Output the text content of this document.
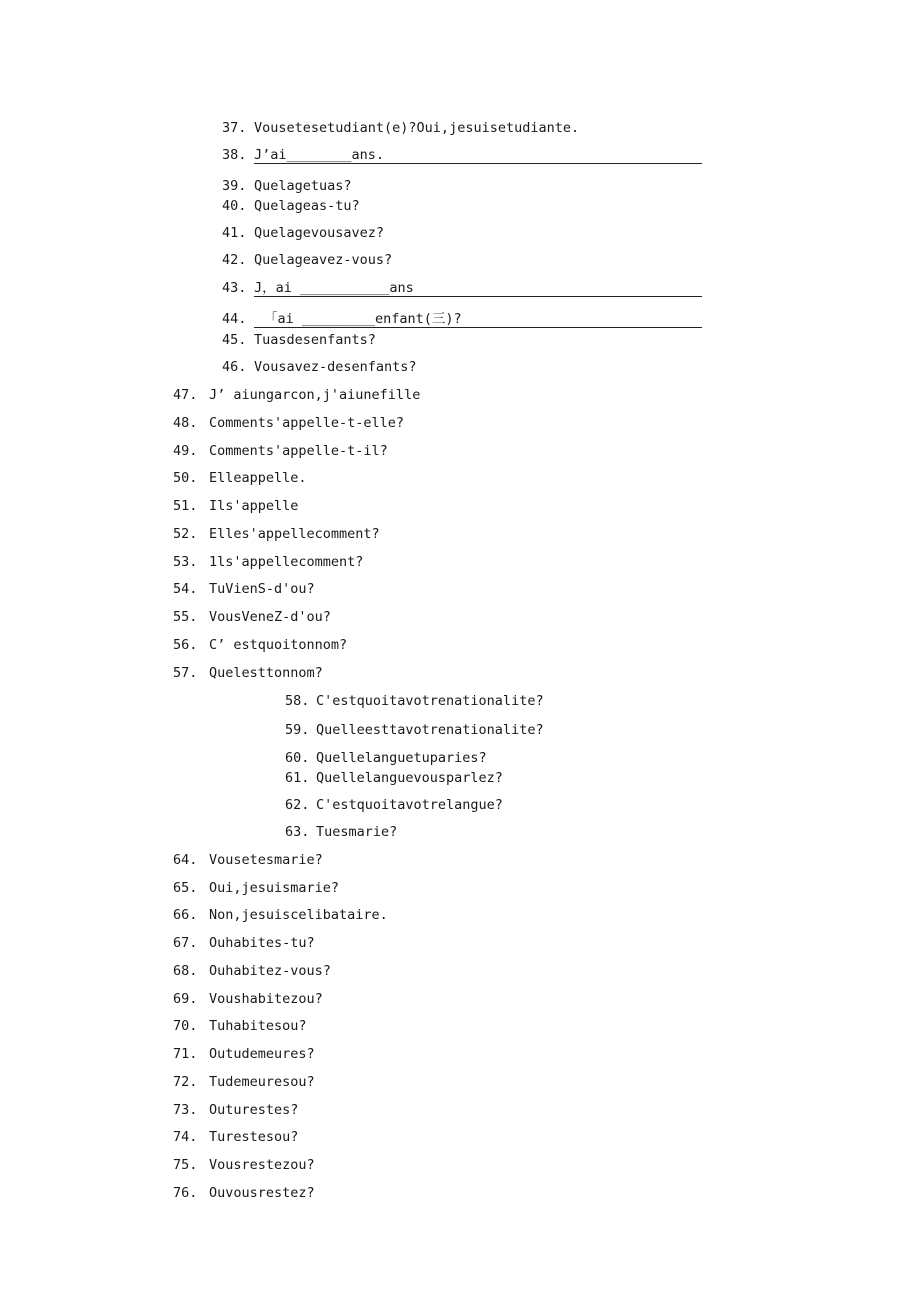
37. Vousetesetudiant(e)?Oui,jesuisetudiante.
38. J’ai________ans.
39. Quelagetuas?
40. Quelageas-tu?
41. Quelagevousavez?
42. Quelageavez-vous?
43. J，ai ___________ans
44.	「ai _________enfant(三)?
45. Tuasdesenfants?
46. Vousavez-desenfants?
47. J’ aiungarcon,j'aiunefille
48. Comments'appelle-t-elle?
49. Comments'appelle-t-il?
50. Elleappelle.
51. Ils'appelle
52. Elles'appellecomment?
53. 1ls'appellecomment?
54. TuVienS-d'ou?
55. VousVeneZ-d'ou?
56. C’ estquoitonnom?
57. Quelesttonnom?
58. C'estquoitavotrenationalite?
59. Quelleesttavotrenationalite?
60. Quellelanguetuparies?
61. Quellelanguevousparlez?
62. C'estquoitavotrelangue?
63. Tuesmarie?
64. Vousetesmarie?
65. Oui,jesuismarie?
66. Non,jesuiscelibataire.
67. Ouhabites-tu?
68. Ouhabitez-vous?
69. Voushabitezou?
70. Tuhabitesou?
71. Outudemeures?
72. Tudemeuresou?
73. Outurestes?
74. Turestesou?
75. Vousrestezou?
76. Ouvousrestez?
